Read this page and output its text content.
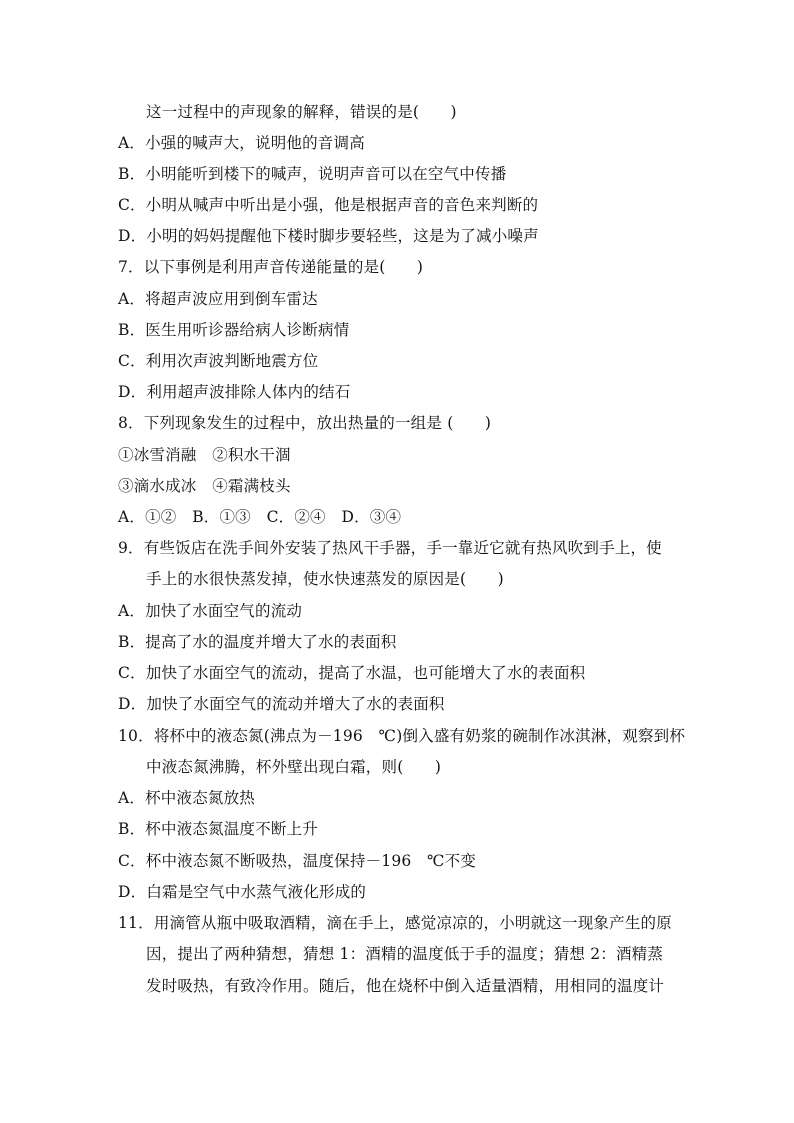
这一过程中的声现象的解释，错误的是(　　)
A．小强的喊声大，说明他的音调高
B．小明能听到楼下的喊声，说明声音可以在空气中传播
C．小明从喊声中听出是小强，他是根据声音的音色来判断的
D．小明的妈妈提醒他下楼时脚步要轻些，这是为了减小噪声
7．以下事例是利用声音传递能量的是(　　)
A．将超声波应用到倒车雷达
B．医生用听诊器给病人诊断病情
C．利用次声波判断地震方位
D．利用超声波排除人体内的结石
8．下列现象发生的过程中，放出热量的一组是 (　　)
①冰雪消融　②积水干涸
③滴水成冰　④霜满枝头
A．①②　B．①③　C．②④　D．③④
9．有些饭店在洗手间外安装了热风干手器，手一靠近它就有热风吹到手上，使
手上的水很快蒸发掉，使水快速蒸发的原因是(　　)
A．加快了水面空气的流动
B．提高了水的温度并增大了水的表面积
C．加快了水面空气的流动，提高了水温，也可能增大了水的表面积
D．加快了水面空气的流动并增大了水的表面积
10．将杯中的液态氮(沸点为－196　℃)倒入盛有奶浆的碗制作冰淇淋，观察到杯
中液态氮沸腾，杯外壁出现白霜，则(　　)
A．杯中液态氮放热
B．杯中液态氮温度不断上升
C．杯中液态氮不断吸热，温度保持－196　℃不变
D．白霜是空气中水蒸气液化形成的
11．用滴管从瓶中吸取酒精，滴在手上，感觉凉凉的，小明就这一现象产生的原
因，提出了两种猜想，猜想 1：酒精的温度低于手的温度；猜想 2：酒精蒸
发时吸热，有致冷作用。随后，他在烧杯中倒入适量酒精，用相同的温度计
